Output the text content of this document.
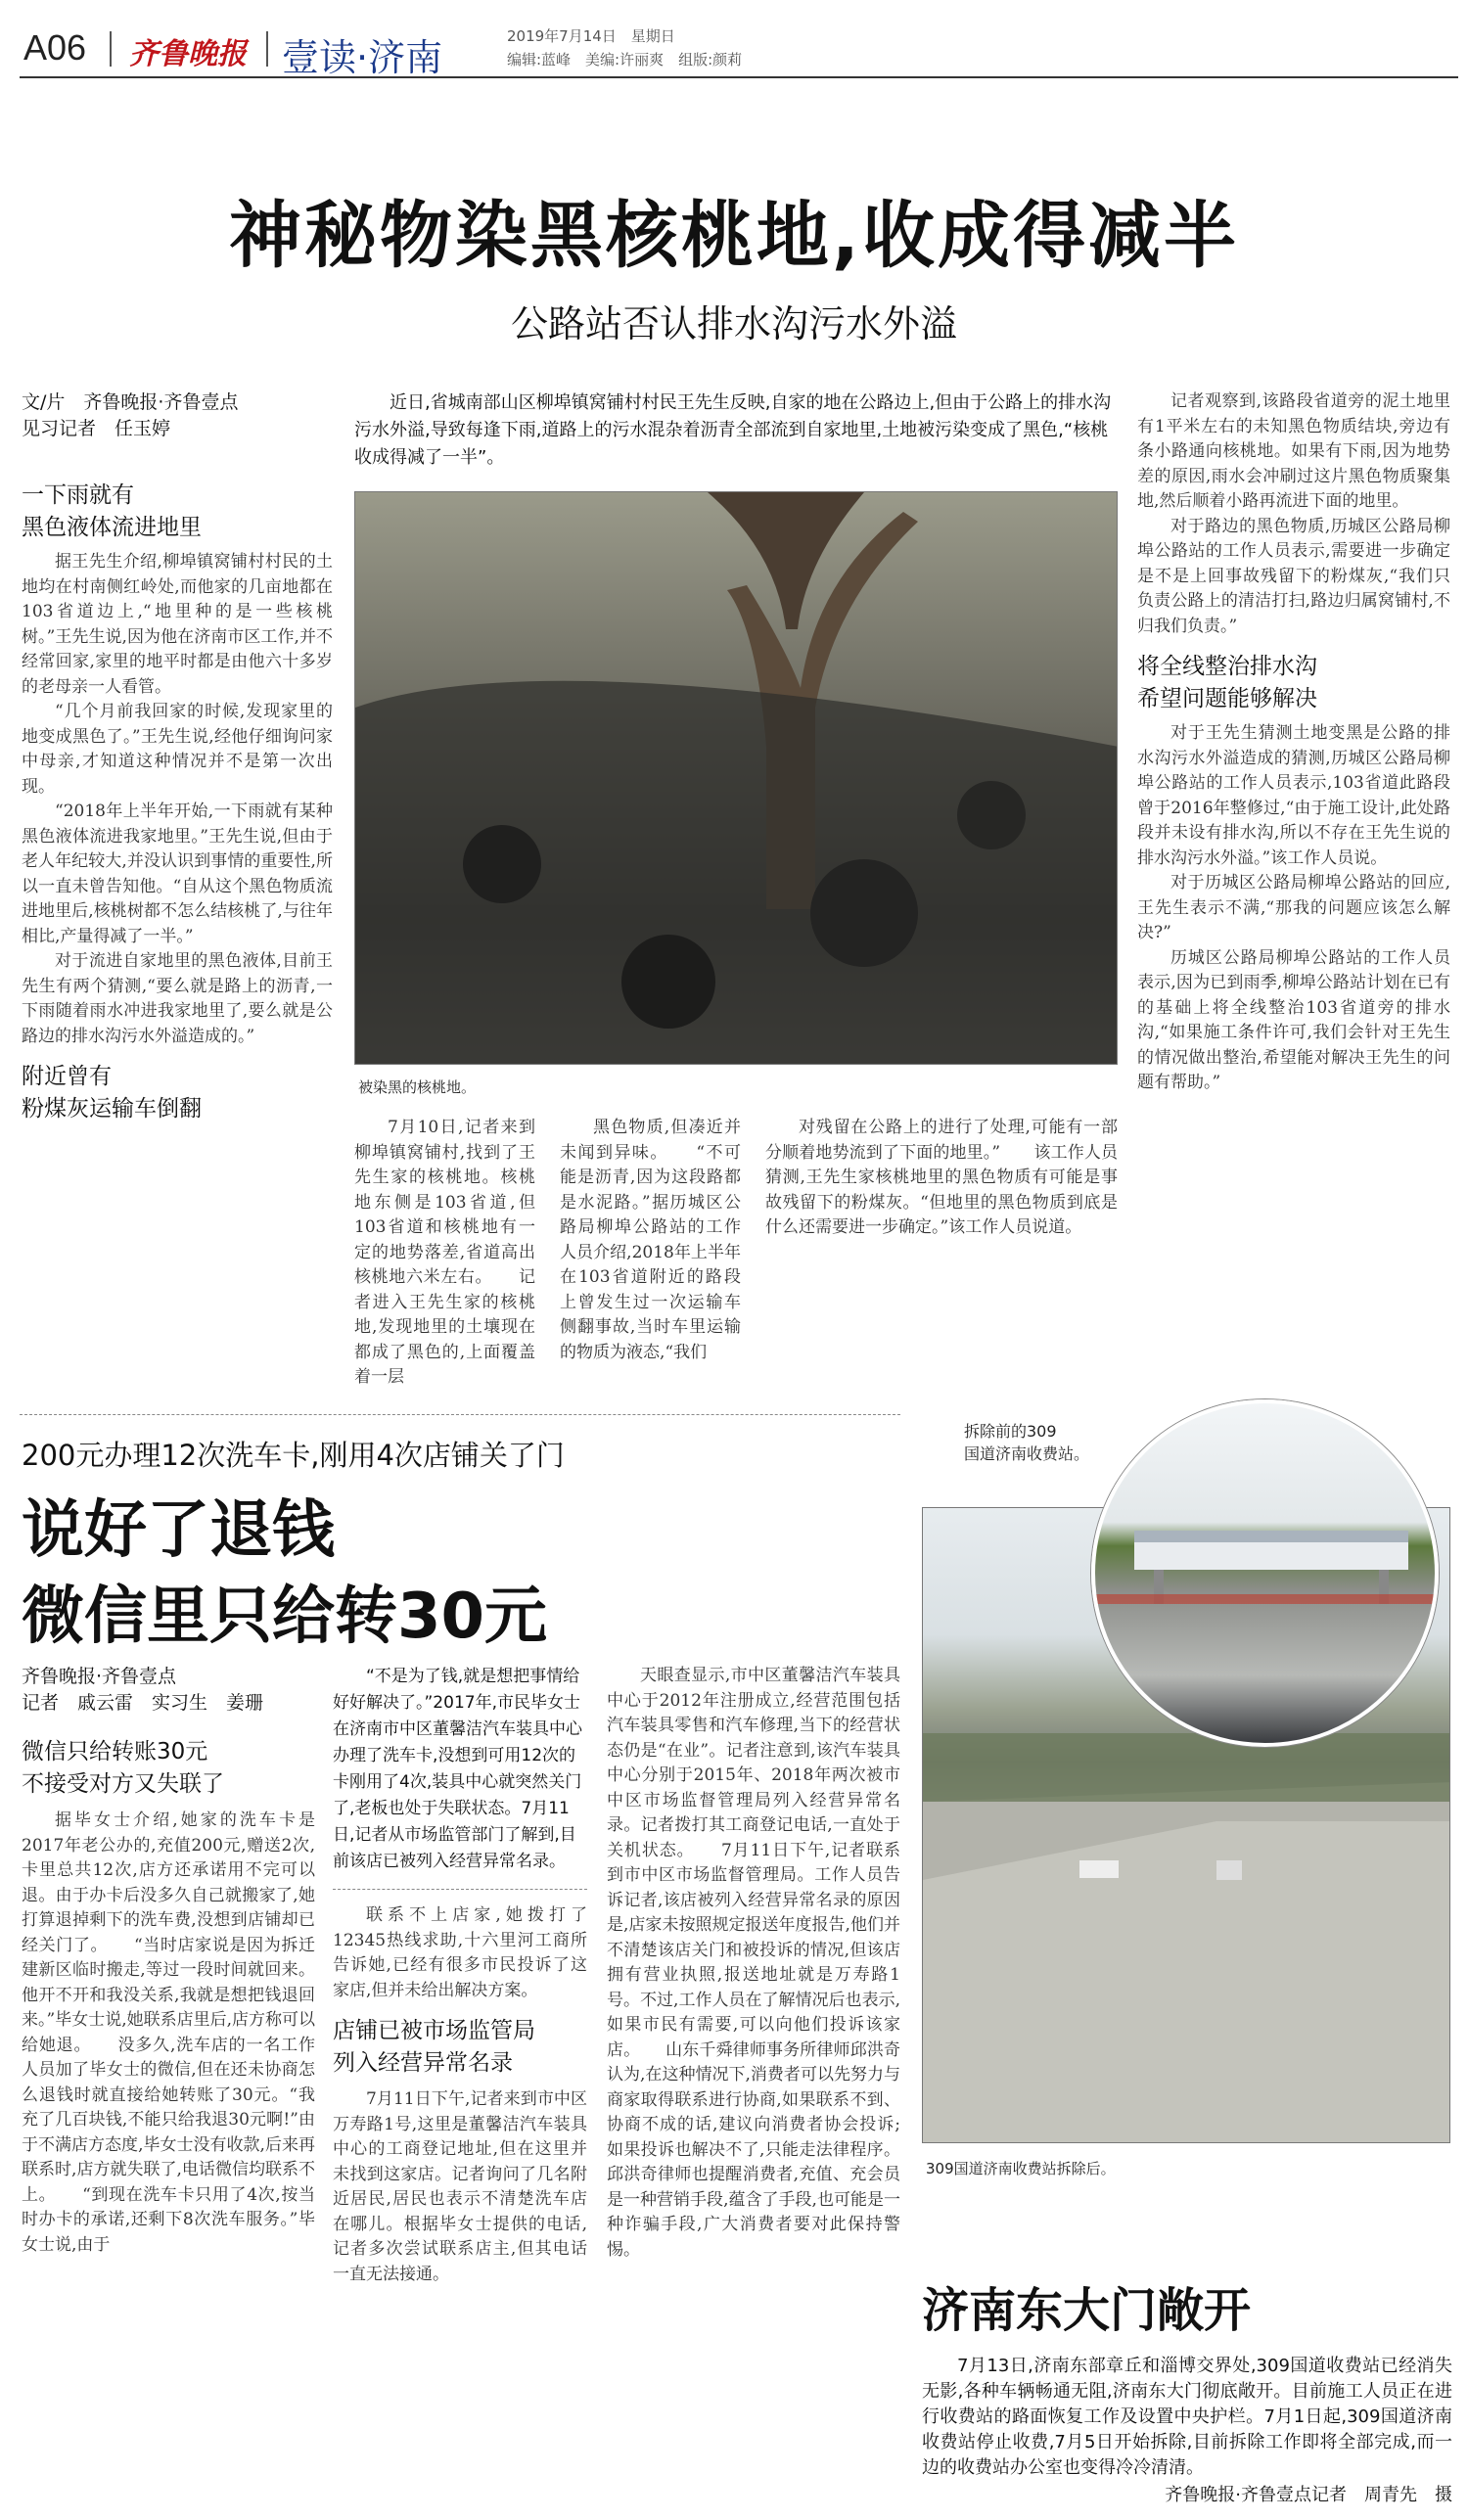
A06 齐鲁晚报 壹读·济南	2019年7月14日　星期日
编辑:蓝峰　美编:许丽爽　组版:颜莉
神秘物染黑核桃地,收成得减半
公路站否认排水沟污水外溢
文/片　齐鲁晚报·齐鲁壹点
见习记者　任玉婷
近日,省城南部山区柳埠镇窝铺村村民王先生反映,自家的地在公路边上,但由于公路上的排水沟污水外溢,导致每逢下雨,道路上的污水混杂着沥青全部流到自家地里,土地被污染变成了黑色,“核桃收成得减了一半”。
被染黑的核桃地。
一下雨就有
黑色液体流进地里

据王先生介绍,柳埠镇窝铺村村民的土地均在村南侧红岭处,而他家的几亩地都在103省道边上,“地里种的是一些核桃树。”王先生说,因为他在济南市区工作,并不经常回家,家里的地平时都是由他六十多岁的老母亲一人看管。

“几个月前我回家的时候,发现家里的地变成黑色了。”王先生说,经他仔细询问家中母亲,才知道这种情况并不是第一次出现。

“2018年上半年开始,一下雨就有某种黑色液体流进我家地里。”王先生说,但由于老人年纪较大,并没认识到事情的重要性,所以一直未曾告知他。“自从这个黑色物质流进地里后,核桃树都不怎么结核桃了,与往年相比,产量得减了一半。”

对于流进自家地里的黑色液体,目前王先生有两个猜测,“要么就是路上的沥青,一下雨随着雨水冲进我家地里了,要么就是公路边的排水沟污水外溢造成的。”

附近曾有
粉煤灰运输车倒翻

7月10日,记者来到柳埠镇窝铺村,找到了王先生家的核桃地。核桃地东侧是103省道,但103省道和核桃地有一定的地势落差,省道高出核桃地六米左右。　　记者进入王先生家的核桃地,发现地里的土壤现在都成了黑色的,上面覆盖着一层

黑色物质,但凑近并未闻到异味。　　“不可能是沥青,因为这段路都是水泥路。”据历城区公路局柳埠公路站的工作人员介绍,2018年上半年在103省道附近的路段上曾发生过一次运输车侧翻事故,当时车里运输的物质为液态,“我们

对残留在公路上的进行了处理,可能有一部分顺着地势流到了下面的地里。”　　该工作人员猜测,王先生家核桃地里的黑色物质有可能是事故残留下的粉煤灰。“但地里的黑色物质到底是什么还需要进一步确定。”该工作人员说道。

记者观察到,该路段省道旁的泥土地里有1平米左右的未知黑色物质结块,旁边有条小路通向核桃地。如果有下雨,因为地势差的原因,雨水会冲刷过这片黑色物质聚集地,然后顺着小路再流进下面的地里。

对于路边的黑色物质,历城区公路局柳埠公路站的工作人员表示,需要进一步确定是不是上回事故残留下的粉煤灰,“我们只负责公路上的清洁打扫,路边归属窝铺村,不归我们负责。”

将全线整治排水沟
希望问题能够解决

对于王先生猜测土地变黑是公路的排水沟污水外溢造成的猜测,历城区公路局柳埠公路站的工作人员表示,103省道此路段曾于2016年整修过,“由于施工设计,此处路段并未设有排水沟,所以不存在王先生说的排水沟污水外溢。”该工作人员说。

对于历城区公路局柳埠公路站的回应,王先生表示不满,“那我的问题应该怎么解决?”

历城区公路局柳埠公路站的工作人员表示,因为已到雨季,柳埠公路站计划在已有的基础上将全线整治103省道旁的排水沟,“如果施工条件许可,我们会针对王先生的情况做出整治,希望能对解决王先生的问题有帮助。”

200元办理12次洗车卡,刚用4次店铺关了门
说好了退钱
微信里只给转30元
齐鲁晚报·齐鲁壹点
记者　戚云雷　实习生　姜珊
微信只给转账30元
不接受对方又失联了

据毕女士介绍,她家的洗车卡是2017年老公办的,充值200元,赠送2次,卡里总共12次,店方还承诺用不完可以退。由于办卡后没多久自己就搬家了,她打算退掉剩下的洗车费,没想到店铺却已经关门了。　　“当时店家说是因为拆迁建新区临时搬走,等过一段时间就回来。他开不开和我没关系,我就是想把钱退回来。”毕女士说,她联系店里后,店方称可以给她退。　　没多久,洗车店的一名工作人员加了毕女士的微信,但在还未协商怎么退钱时就直接给她转账了30元。“我充了几百块钱,不能只给我退30元啊!”由于不满店方态度,毕女士没有收款,后来再联系时,店方就失联了,电话微信均联系不上。　　“到现在洗车卡只用了4次,按当时办卡的承诺,还剩下8次洗车服务。”毕女士说,由于

“不是为了钱,就是想把事情给好好解决了。”2017年,市民毕女士在济南市中区董馨洁汽车装具中心办理了洗车卡,没想到可用12次的卡刚用了4次,装具中心就突然关门了,老板也处于失联状态。7月11日,记者从市场监管部门了解到,目前该店已被列入经营异常名录。

联系不上店家,她拨打了12345热线求助,十六里河工商所告诉她,已经有很多市民投诉了这家店,但并未给出解决方案。

店铺已被市场监管局
列入经营异常名录

7月11日下午,记者来到市中区万寿路1号,这里是董馨洁汽车装具中心的工商登记地址,但在这里并未找到这家店。记者询问了几名附近居民,居民也表示不清楚洗车店在哪儿。根据毕女士提供的电话,记者多次尝试联系店主,但其电话一直无法接通。

天眼查显示,市中区董馨洁汽车装具中心于2012年注册成立,经营范围包括汽车装具零售和汽车修理,当下的经营状态仍是“在业”。记者注意到,该汽车装具中心分别于2015年、2018年两次被市中区市场监督管理局列入经营异常名录。记者拨打其工商登记电话,一直处于关机状态。　　7月11日下午,记者联系到市中区市场监督管理局。工作人员告诉记者,该店被列入经营异常名录的原因是,店家未按照规定报送年度报告,他们并不清楚该店关门和被投诉的情况,但该店拥有营业执照,报送地址就是万寿路1号。不过,工作人员在了解情况后也表示,如果市民有需要,可以向他们投诉该家店。　　山东千舜律师事务所律师邱洪奇认为,在这种情况下,消费者可以先努力与商家取得联系进行协商,如果联系不到、协商不成的话,建议向消费者协会投诉;如果投诉也解决不了,只能走法律程序。邱洪奇律师也提醒消费者,充值、充会员是一种营销手段,蕴含了手段,也可能是一种诈骗手段,广大消费者要对此保持警惕。

拆除前的309
国道济南收费站。
309国道济南收费站拆除后。
济南东大门敞开

7月13日,济南东部章丘和淄博交界处,309国道收费站已经消失无影,各种车辆畅通无阻,济南东大门彻底敞开。目前施工人员正在进行收费站的路面恢复工作及设置中央护栏。7月1日起,309国道济南收费站停止收费,7月5日开始拆除,目前拆除工作即将全部完成,而一边的收费站办公室也变得冷冷清清。

齐鲁晚报·齐鲁壹点记者　周青先　摄
